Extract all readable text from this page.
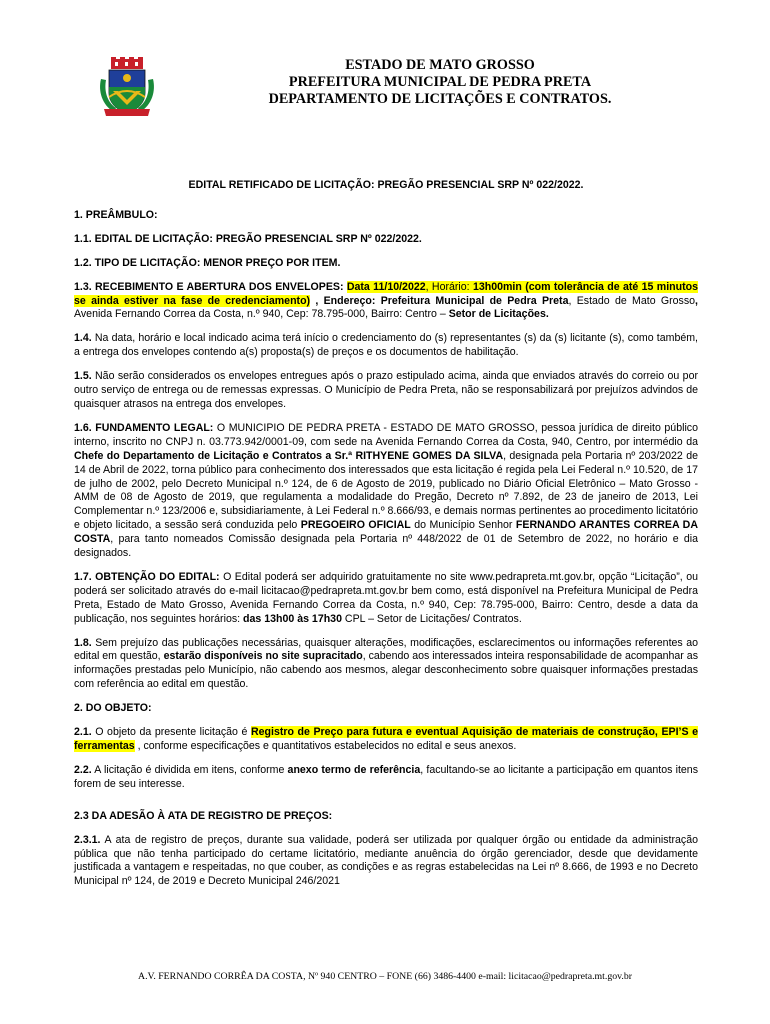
ESTADO DE MATO GROSSO
PREFEITURA MUNICIPAL DE PEDRA PRETA
DEPARTAMENTO DE LICITAÇÕES E CONTRATOS.

EDITAL RETIFICADO DE LICITAÇÃO: PREGÃO PRESENCIAL SRP Nº 022/2022.

1. PREÂMBULO:

1.1. EDITAL DE LICITAÇÃO: PREGÃO PRESENCIAL SRP Nº 022/2022.

1.2. TIPO DE LICITAÇÃO: MENOR PREÇO POR ITEM.

1.3. RECEBIMENTO E ABERTURA DOS ENVELOPES: Data 11/10/2022, Horário: 13h00min (com tolerância de até 15 minutos se ainda estiver na fase de credenciamento) , Endereço: Prefeitura Municipal de Pedra Preta, Estado de Mato Grosso, Avenida Fernando Correa da Costa, n.º 940, Cep: 78.795-000, Bairro: Centro – Setor de Licitações.

1.4. Na data, horário e local indicado acima terá início o credenciamento do (s) representantes (s) da (s) licitante (s), como também, a entrega dos envelopes contendo a(s) proposta(s) de preços e os documentos de habilitação.

1.5. Não serão considerados os envelopes entregues após o prazo estipulado acima, ainda que enviados através do correio ou por outro serviço de entrega ou de remessas expressas. O Município de Pedra Preta, não se responsabilizará por prejuízos advindos de quaisquer atrasos na entrega dos envelopes.

1.6. FUNDAMENTO LEGAL: O MUNICIPIO DE PEDRA PRETA - ESTADO DE MATO GROSSO, pessoa jurídica de direito público interno, inscrito no CNPJ n. 03.773.942/0001-09, com sede na Avenida Fernando Correa da Costa, 940, Centro, por intermédio da Chefe do Departamento de Licitação e Contratos a Sr.ª RITHYENE GOMES DA SILVA, designada pela Portaria nº 203/2022 de 14 de Abril de 2022, torna público para conhecimento dos interessados que esta licitação é regida pela Lei Federal n.º 10.520, de 17 de julho de 2002, pelo Decreto Municipal n.º 124, de 6 de Agosto de 2019, publicado no Diário Oficial Eletrônico – Mato Grosso - AMM de 08 de Agosto de 2019, que regulamenta a modalidade do Pregão, Decreto nº 7.892, de 23 de janeiro de 2013, Lei Complementar n.º 123/2006 e, subsidiariamente, à Lei Federal n.º 8.666/93, e demais normas pertinentes ao procedimento licitatório e objeto licitado, a sessão será conduzida pelo PREGOEIRO OFICIAL do Município Senhor FERNANDO ARANTES CORREA DA COSTA, para tanto nomeados Comissão designada pela Portaria nº 448/2022 de 01 de Setembro de 2022, no horário e dia designados.

1.7. OBTENÇÃO DO EDITAL: O Edital poderá ser adquirido gratuitamente no site www.pedrapreta.mt.gov.br, opção “Licitação”, ou poderá ser solicitado através do e-mail licitacao@pedrapreta.mt.gov.br bem como, está disponível na Prefeitura Municipal de Pedra Preta, Estado de Mato Grosso, Avenida Fernando Correa da Costa, n.º 940, Cep: 78.795-000, Bairro: Centro, desde a data da publicação, nos seguintes horários: das 13h00 às 17h30 CPL – Setor de Licitações/ Contratos.

1.8. Sem prejuízo das publicações necessárias, quaisquer alterações, modificações, esclarecimentos ou informações referentes ao edital em questão, estarão disponíveis no site supracitado, cabendo aos interessados inteira responsabilidade de acompanhar as informações prestadas pelo Município, não cabendo aos mesmos, alegar desconhecimento sobre quaisquer informações prestadas com referência ao edital em questão.

2. DO OBJETO:

2.1. O objeto da presente licitação é Registro de Preço para futura e eventual Aquisição de materiais de construção, EPI’S e ferramentas , conforme especificações e quantitativos estabelecidos no edital e seus anexos.

2.2. A licitação é dividida em itens, conforme anexo termo de referência, facultando-se ao licitante a participação em quantos itens forem de seu interesse.

2.3 DA ADESÃO À ATA DE REGISTRO DE PREÇOS:

2.3.1. A ata de registro de preços, durante sua validade, poderá ser utilizada por qualquer órgão ou entidade da administração pública que não tenha participado do certame licitatório, mediante anuência do órgão gerenciador, desde que devidamente justificada a vantagem e respeitadas, no que couber, as condições e as regras estabelecidas na Lei nº 8.666, de 1993 e no Decreto Municipal nº 124, de 2019 e Decreto Municipal 246/2021

A.V. FERNANDO CORRÊA DA COSTA, Nº 940 CENTRO – FONE (66) 3486-4400 e-mail: licitacao@pedrapreta.mt.gov.br
